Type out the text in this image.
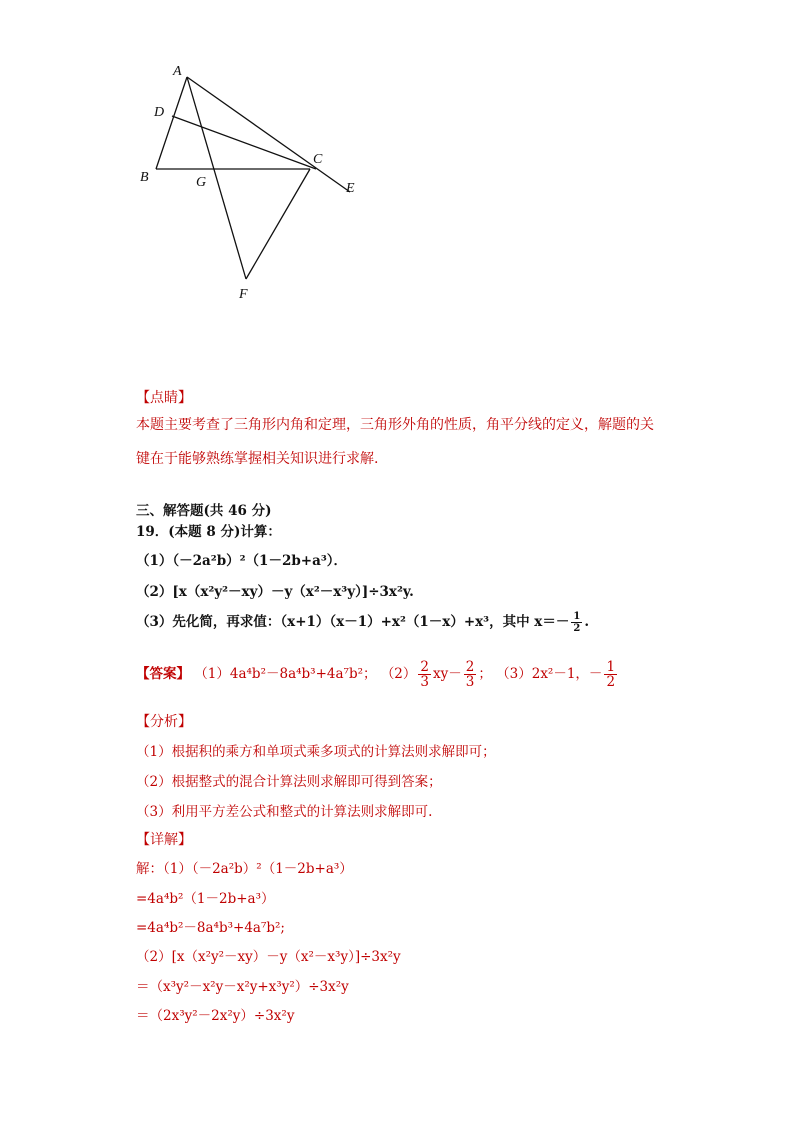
A
D
B	G
C
E
F
【点睛】
本题主要考查了三角形内角和定理，三角形外角的性质，角平分线的定义，解题的关
键在于能够熟练掌握相关知识进行求解.
三、解答题(共 46 分)
19．(本题 8 分)计算：
（1）（－2a²b）²（1－2b+a³）．
（2）[x（x²y²－xy）－y（x²－x³y）]÷3x²y.
（3）先化简，再求值：（x+1）（x－1）+x²（1－x）+x³，其中 $x=- \frac{1}{2}$ .
【答案】 （1）4a⁴b²－8a⁴b³+4a⁷b²； $(2) \frac{2}{3} xy- \frac{2}{3}$ ； （3）2x²－1，－ $\frac{1}{2}$
【分析】
（1）根据积的乘方和单项式乘多项式的计算法则求解即可；
（2）根据整式的混合计算法则求解即可得到答案；
（3）利用平方差公式和整式的计算法则求解即可.
【详解】
解：（1）（－2a²b）²（1－2b+a³）
=4a⁴b²（1－2b+a³）
=4a⁴b²－8a⁴b³+4a⁷b²;
（2）[x（x²y²－xy）－y（x²－x³y）]÷3x²y
＝（x³y²－x²y－x²y+x³y²）÷3x²y
＝（2x³y²－2x²y）÷3x²y
